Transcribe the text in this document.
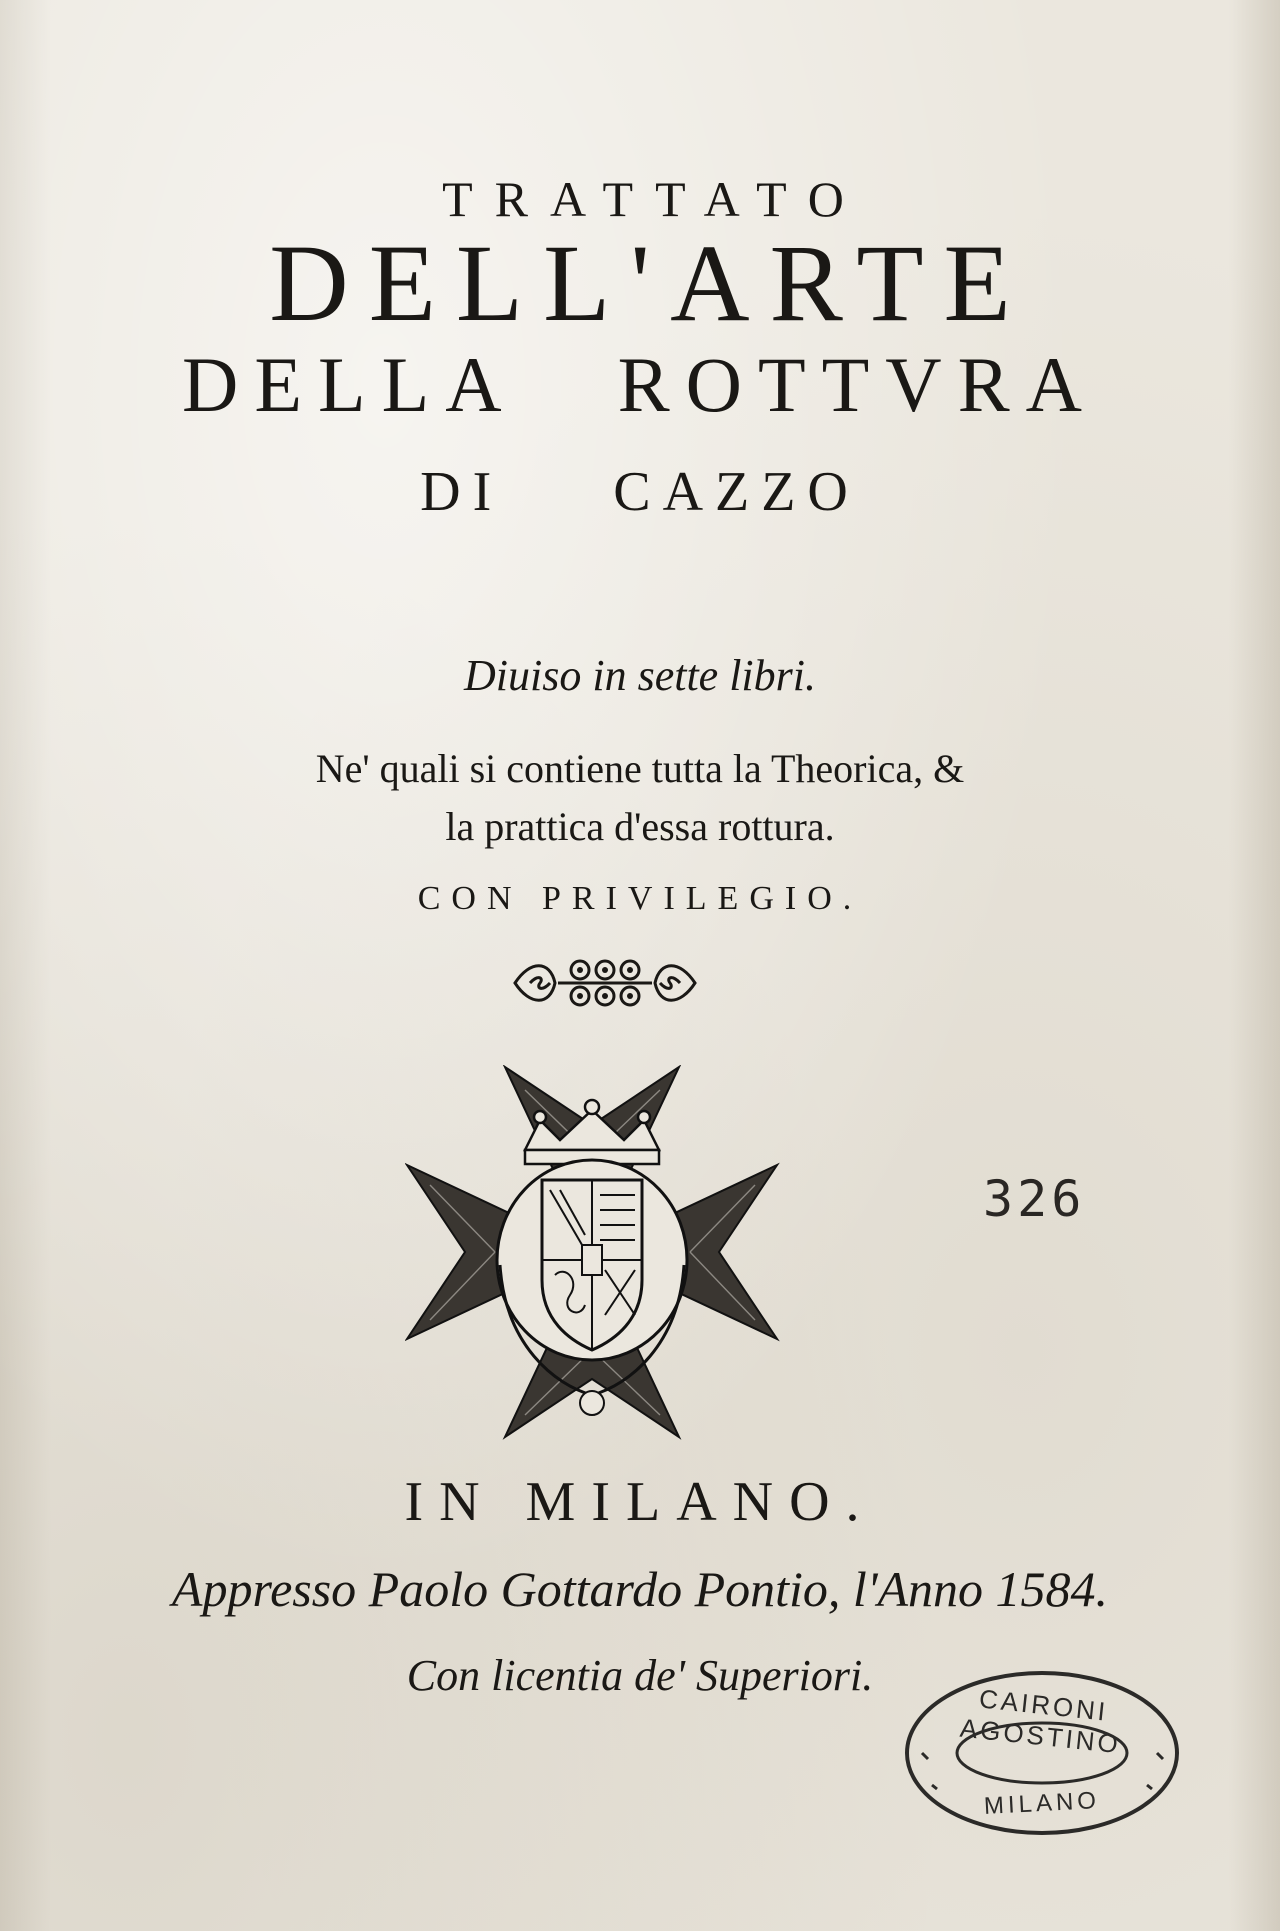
TRATTATO
DELL'ARTE
DELLA ROTTVRA
DI CAZZO
Diuiso in sette libri.
Ne' quali si contiene tutta la Theorica, &
la prattica d'essa rottura.
CON PRIVILEGIO.
326
IN MILANO.
Appresso Paolo Gottardo Pontio, l'Anno 1584.
Con licentia de' Superiori.
CAIRONI AGOSTINO
MILANO
